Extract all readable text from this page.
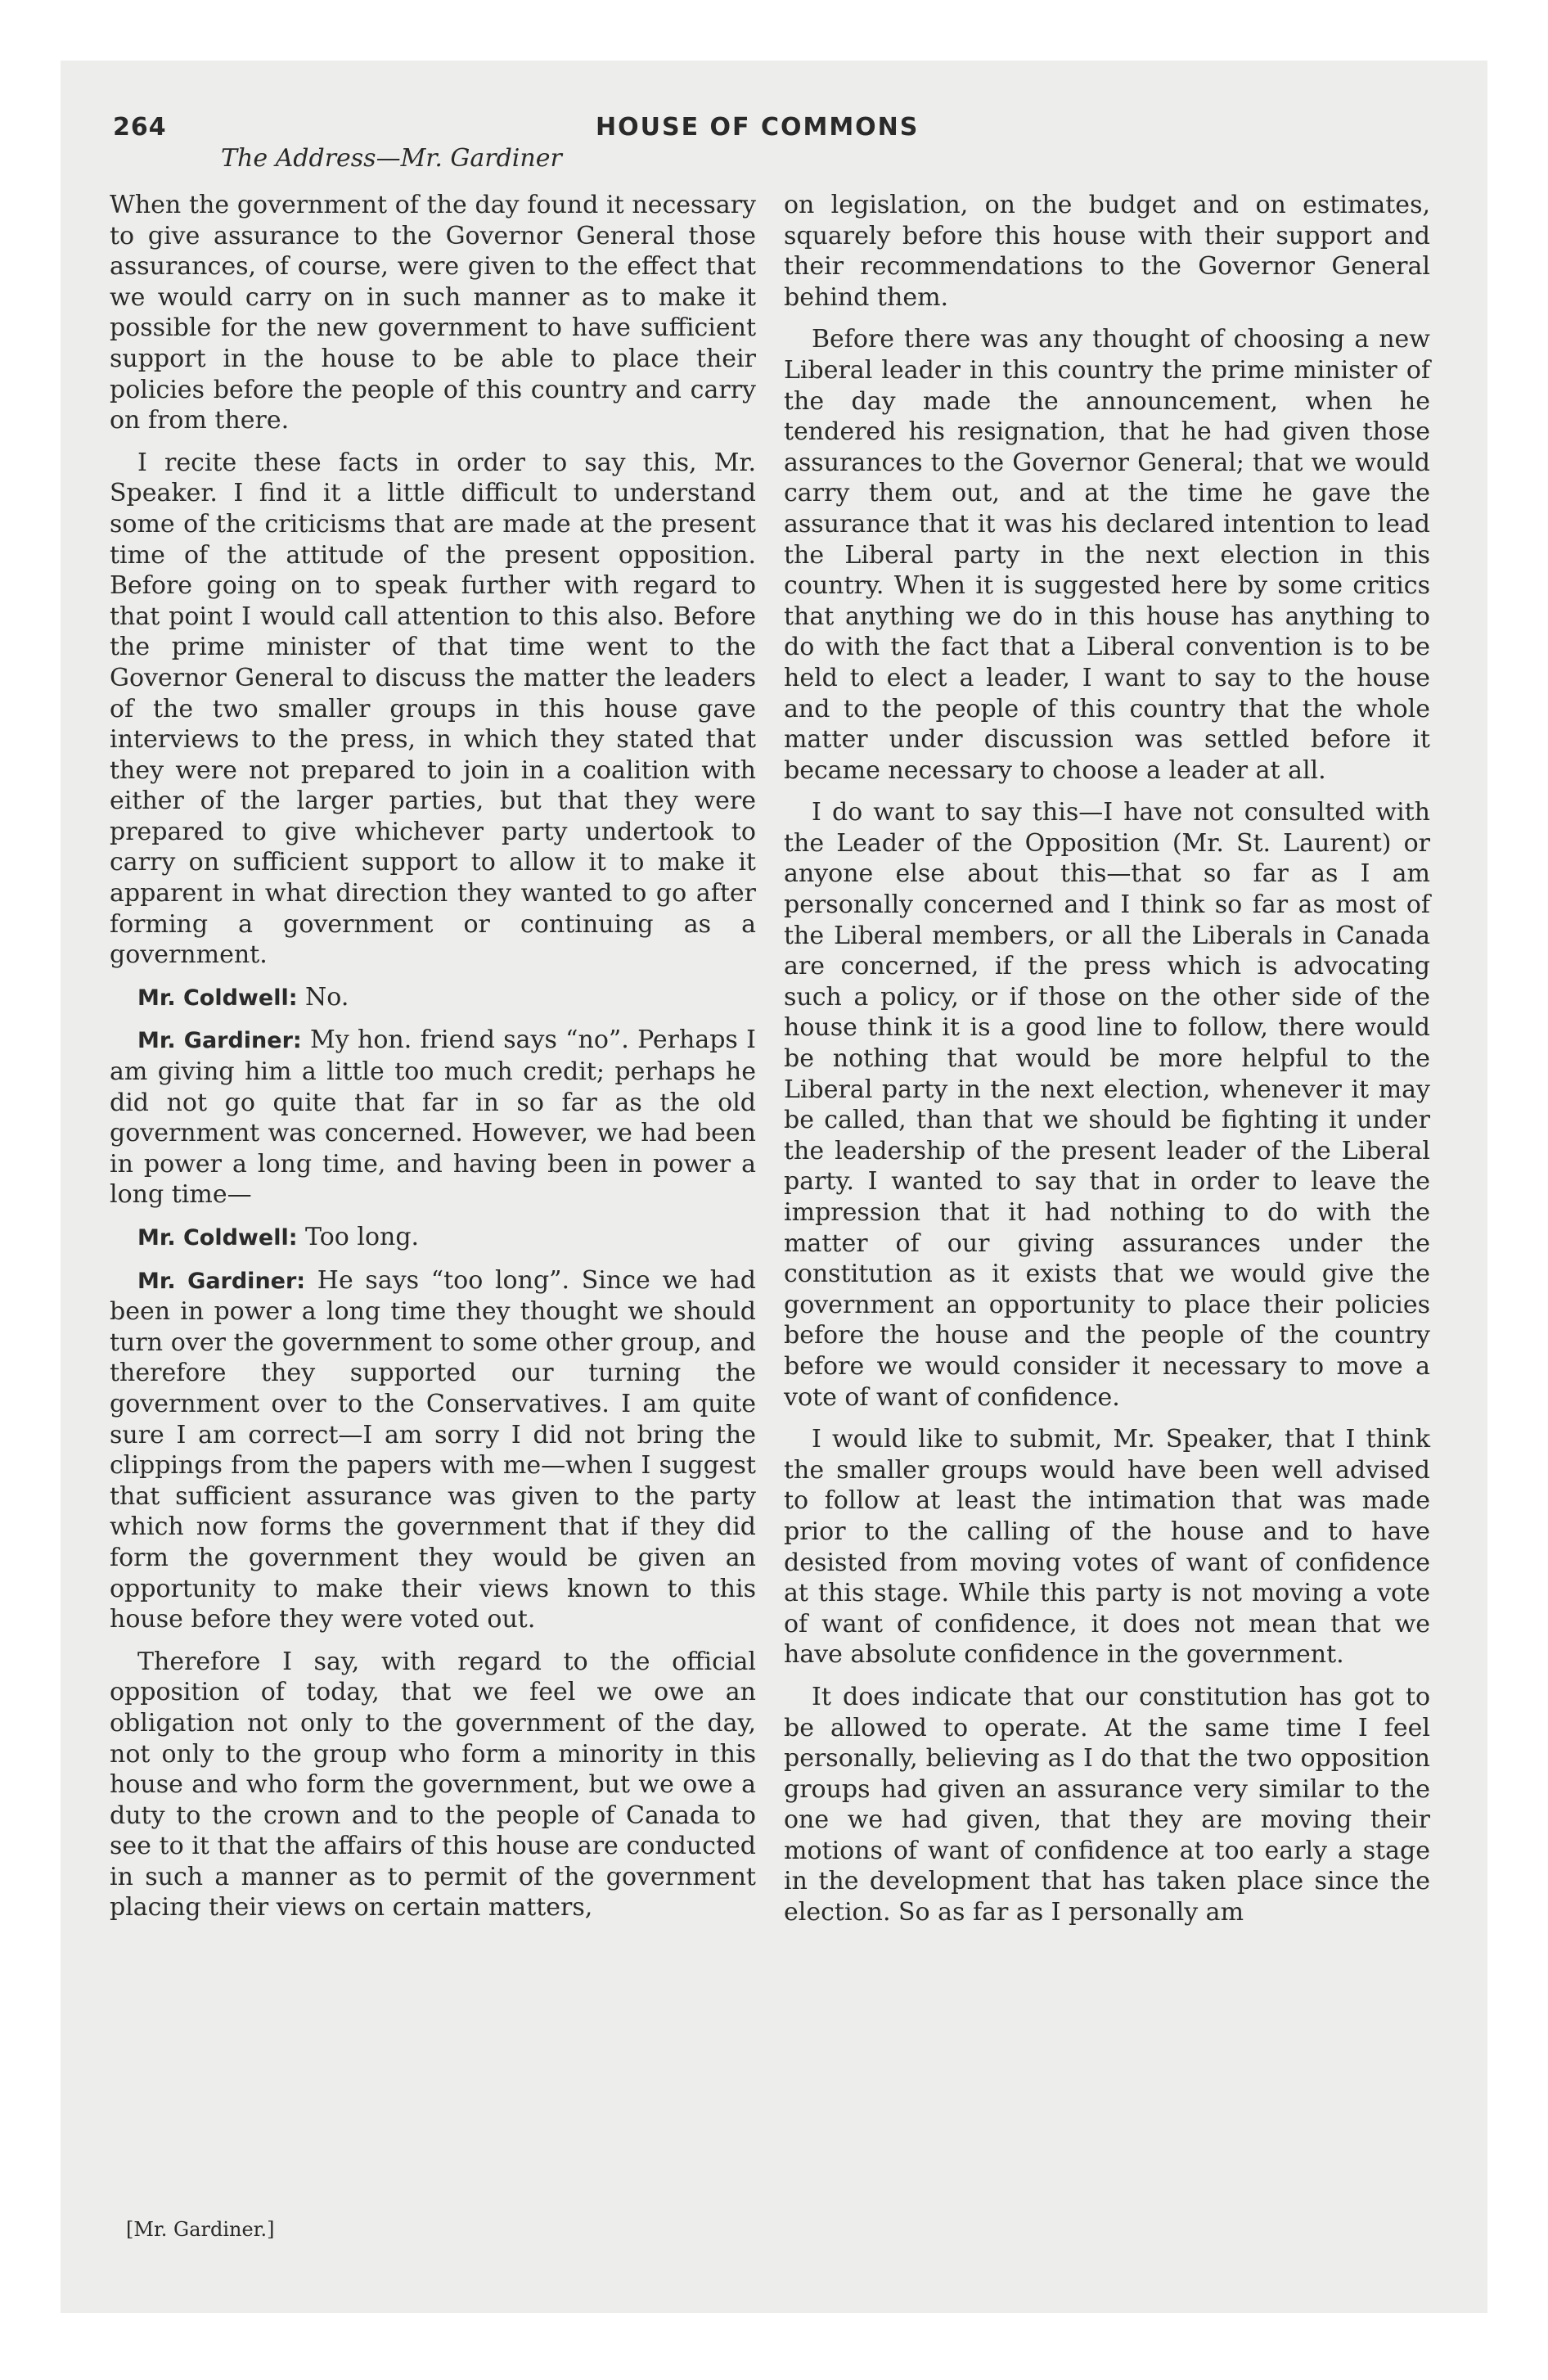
264	HOUSE OF COMMONS
The Address—Mr. Gardiner

When the government of the day found it necessary to give assurance to the Governor General those assurances, of course, were given to the effect that we would carry on in such manner as to make it possible for the new government to have sufficient support in the house to be able to place their policies before the people of this country and carry on from there.

I recite these facts in order to say this, Mr. Speaker. I find it a little difficult to understand some of the criticisms that are made at the present time of the attitude of the present opposition. Before going on to speak further with regard to that point I would call attention to this also. Before the prime minister of that time went to the Governor General to discuss the matter the leaders of the two smaller groups in this house gave interviews to the press, in which they stated that they were not prepared to join in a coalition with either of the larger parties, but that they were prepared to give whichever party undertook to carry on sufficient support to allow it to make it apparent in what direction they wanted to go after forming a government or continuing as a government.

Mr. Coldwell: No.

Mr. Gardiner: My hon. friend says “no”. Perhaps I am giving him a little too much credit; perhaps he did not go quite that far in so far as the old government was concerned. However, we had been in power a long time, and having been in power a long time—

Mr. Coldwell: Too long.

Mr. Gardiner: He says “too long”. Since we had been in power a long time they thought we should turn over the government to some other group, and therefore they supported our turning the government over to the Conservatives. I am quite sure I am correct—I am sorry I did not bring the clippings from the papers with me—when I suggest that sufficient assurance was given to the party which now forms the government that if they did form the government they would be given an opportunity to make their views known to this house before they were voted out.

Therefore I say, with regard to the official opposition of today, that we feel we owe an obligation not only to the government of the day, not only to the group who form a minority in this house and who form the government, but we owe a duty to the crown and to the people of Canada to see to it that the affairs of this house are conducted in such a manner as to permit of the government placing their views on certain matters,

on legislation, on the budget and on estimates, squarely before this house with their support and their recommendations to the Governor General behind them.

Before there was any thought of choosing a new Liberal leader in this country the prime minister of the day made the announcement, when he tendered his resignation, that he had given those assurances to the Governor General; that we would carry them out, and at the time he gave the assurance that it was his declared intention to lead the Liberal party in the next election in this country. When it is suggested here by some critics that anything we do in this house has anything to do with the fact that a Liberal convention is to be held to elect a leader, I want to say to the house and to the people of this country that the whole matter under discussion was settled before it became necessary to choose a leader at all.

I do want to say this—I have not consulted with the Leader of the Opposition (Mr. St. Laurent) or anyone else about this—that so far as I am personally concerned and I think so far as most of the Liberal members, or all the Liberals in Canada are concerned, if the press which is advocating such a policy, or if those on the other side of the house think it is a good line to follow, there would be nothing that would be more helpful to the Liberal party in the next election, whenever it may be called, than that we should be fighting it under the leadership of the present leader of the Liberal party. I wanted to say that in order to leave the impression that it had nothing to do with the matter of our giving assurances under the constitution as it exists that we would give the government an opportunity to place their policies before the house and the people of the country before we would consider it necessary to move a vote of want of confidence.

I would like to submit, Mr. Speaker, that I think the smaller groups would have been well advised to follow at least the intimation that was made prior to the calling of the house and to have desisted from moving votes of want of confidence at this stage. While this party is not moving a vote of want of confidence, it does not mean that we have absolute confidence in the government.

It does indicate that our constitution has got to be allowed to operate. At the same time I feel personally, believing as I do that the two opposition groups had given an assurance very similar to the one we had given, that they are moving their motions of want of confidence at too early a stage in the development that has taken place since the election. So as far as I personally am

[Mr. Gardiner.]
